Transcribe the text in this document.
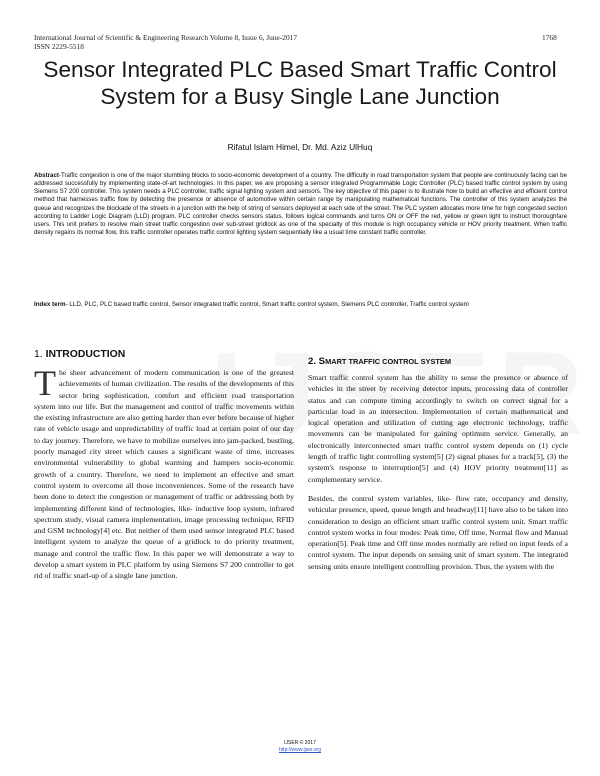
International Journal of Scientific & Engineering Research Volume 8, Issue 6, June-2017
ISSN 2229-5518
1768
Sensor Integrated PLC Based Smart Traffic Control System for a Busy Single Lane Junction
Rifatul Islam Himel, Dr. Md. Aziz UlHuq
Abstract-Traffic congestion is one of the major stumbling blocks to socio-economic development of a country. The difficulty in road transportation system that people are continuously facing can be addressed successfully by implementing state-of-art technologies. In this paper, we are proposing a sensor integrated Programmable Logic Controller (PLC) based traffic control system by using Siemens S7 200 controller. This system needs a PLC controller, traffic signal lighting system and sensors. The key objective of this paper is to illustrate how to build an effective and efficient control method that harnesses traffic flow by detecting the presence or absence of automotive within certain range by manipulating mathematical functions. The controller of this system analyzes the queue and recognizes the blockade of the streets in a junction with the help of string of sensors deployed at each side of the street. The PLC system allocates more time for high congested section according to Ladder Logic Diagram (LLD) program. PLC controller checks sensors status, follows logical commands and turns ON or OFF the red, yellow or green light to instruct thoroughfare users. This unit prefers to resolve main street traffic congestion over sub-street gridlock as one of the specialty of this module is high occupancy vehicle or HOV priority treatment. When traffic density regains its normal flow, this traffic controller operates traffic control lighting system sequentially like a usual time constant traffic controller.
Index term- LLD, PLC, PLC based traffic control, Sensor integrated traffic control, Smart traffic control system, Siemens PLC controller, Traffic control system
1. INTRODUCTION
T he sheer advancement of modern communication is one of the greatest achievements of human civilization. The results of the developments of this sector bring sophistication, comfort and efficient road transportation system into our life. But the management and control of traffic movements within the existing infrastructure are also getting harder than ever before because of higher rate of vehicle usage and unpredictability of traffic load at certain point of our day to day journey. Therefore, we have to mobilize ourselves into jam-packed, bustling, poorly managed city street which causes a significant waste of time, increases environmental vulnerability to global warming and hampers socio-economic growth of a country. Therefore, we need to implement an effective and smart control system to overcome all those inconveniences. Some of the research have been done to detect the congestion or management of traffic or addressing both by implementing different kind of technologies, like- inductive loop system, infrared spectrum study, visual camera implementation, image processing technique, RFID and GSM technology[4] etc. But neither of them used sensor integrated PLC based intelligent system to analyze the queue of a gridlock to do priority treatment, manage and control the traffic flow. In this paper we will demonstrate a way to develop a smart system in PLC platform by using Siemens S7 200 controller to get rid of traffic snarl-up of a single lane junction.

2. SMART TRAFFIC CONTROL SYSTEM

Smart traffic control system has the ability to sense the presence or absence of vehicles in the street by receiving detector inputs, processing data of controller status and can compute timing accordingly to switch on correct signal for a particular load in an intersection. Implementation of certain mathematical and logical operation and utilization of cutting age electronic technology, traffic movements can be manipulated for gaining optimum service. Generally, an electronically interconnected smart traffic control system depends on (1) cycle length of traffic light controlling system[5] (2) signal phases for a track[5], (3) the system's response to interruption[5] and (4) HOV priority treatment[11] as complementary service.

Besides, the control system variables, like- flow rate, occupancy and density, vehicular presence, speed, queue length and headway[11] have also to be taken into consideration to design an efficient smart traffic control system unit. Smart traffic control system works in four modes: Peak time, Off time, Normal flow and Manual operation[5]. Peak time and Off time modes normally are relied on input feeds of a control system. The input depends on sensing unit of smart system. The integrated sensing units ensure intelligent controlling provision. Thus, the system with the

IJSER © 2017
http://www.ijser.org
